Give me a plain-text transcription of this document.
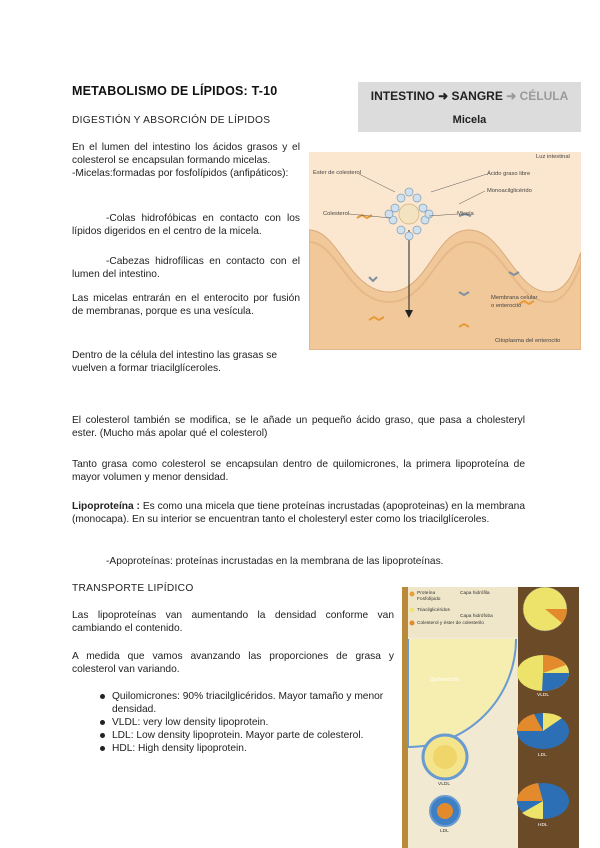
METABOLISMO DE LÍPIDOS: T-10
DIGESTIÓN Y ABSORCIÓN DE LÍPIDOS
INTESTINO ➜ SANGRE ➜ CÉLULA
Micela

En el lumen del intestino los ácidos grasos y el colesterol se encapsulan formando micelas.
-Micelas:formadas por fosfolípidos (anfipáticos):

-Colas hidrofóbicas en contacto con los lípidos digeridos en el centro de la micela.

-Cabezas hidrofílicas en contacto con el lumen del intestino.

Las micelas entrarán en el enterocito por fusión de membranas, porque es una vesícula.

Dentro de la célula del intestino las grasas se vuelven a formar triacilglíceroles.

Luz intestinal
Ester de colesterol	Ácido graso libre
Monoacilglicérido
Colesterol	Micela
Membrana celular
o enterocito
Citoplasma del enterocito

El colesterol también se modifica, se le añade un pequeño ácido graso, que pasa a cholesteryl ester. (Mucho más apolar qué el colesterol)

Tanto grasa como colesterol se encapsulan dentro de quilomicrones, la primera lipoproteína de mayor volumen y menor densidad.

Lipoproteína : Es como una micela que tiene proteínas incrustadas (apoproteinas) en la membrana (monocapa). En su interior se encuentran tanto el cholesteryl ester como los triacilglíceroles.

-Apoproteínas: proteínas incrustadas en la membrana de las lipoproteínas.

TRANSPORTE LIPÍDICO

Las lipoproteínas van aumentando la densidad conforme van cambiando el contenido.

A medida que vamos avanzando las proporciones de grasa y colesterol van variando.

Quilomicrones: 90% triacilglicéridos. Mayor tamaño y menor densidad.
VLDL: very low density lipoprotein.
LDL: Low density lipoprotein. Mayor parte de colesterol.
HDL: High density lipoprotein.
Proteína
Fosfolípido
Capa hidrófila
Triacilglicéridos
Colesterol y éster de colesterilo
Capa hidrófoba
Quilomicrón
VLDL
LDL
VLDL
LDL
HDL
